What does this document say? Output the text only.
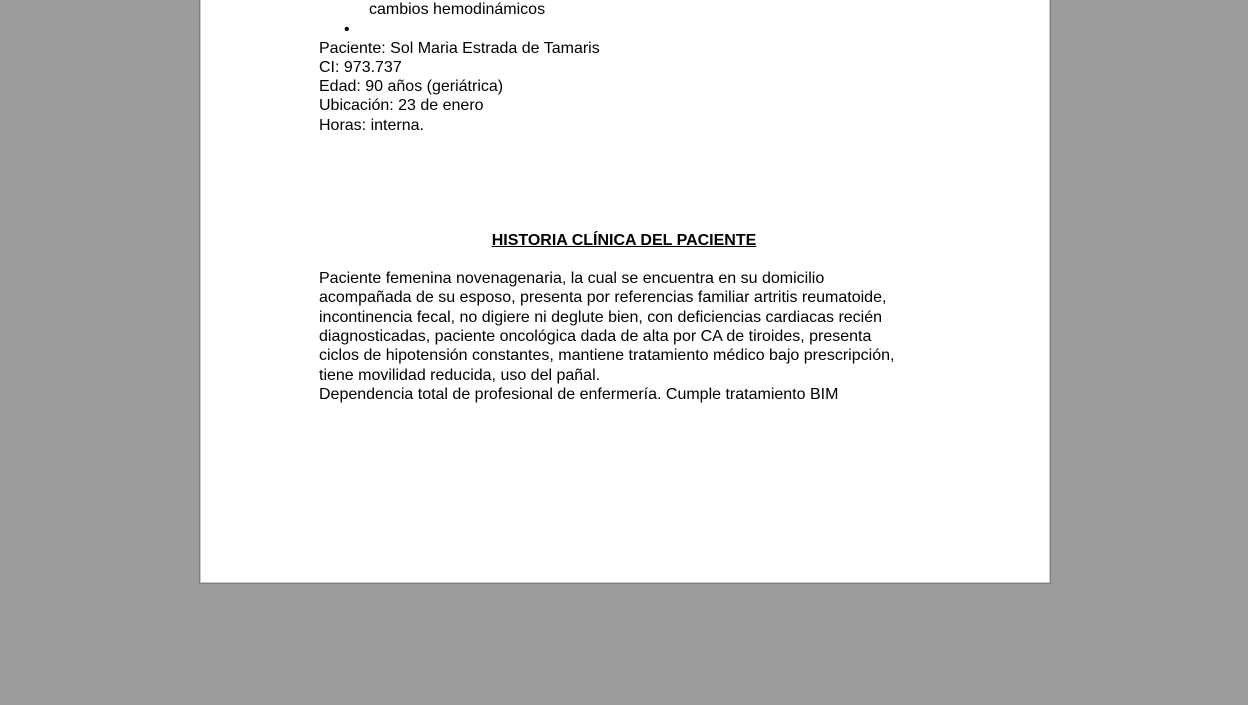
cambios hemodinámicos
•
Paciente: Sol Maria Estrada de Tamaris
CI: 973.737
Edad: 90 años (geriátrica)
Ubicación: 23 de enero
Horas: interna.
HISTORIA CLÍNICA DEL PACIENTE
Paciente femenina novenagenaria, la cual se encuentra en su domicilio
acompañada de su esposo, presenta por referencias familiar artritis reumatoide,
incontinencia fecal, no digiere ni deglute bien, con deficiencias cardiacas recién
diagnosticadas, paciente oncológica dada de alta por CA de tiroides, presenta
ciclos de hipotensión constantes, mantiene tratamiento médico bajo prescripción,
tiene movilidad reducida, uso del pañal.
Dependencia total de profesional de enfermería. Cumple tratamiento BIM
